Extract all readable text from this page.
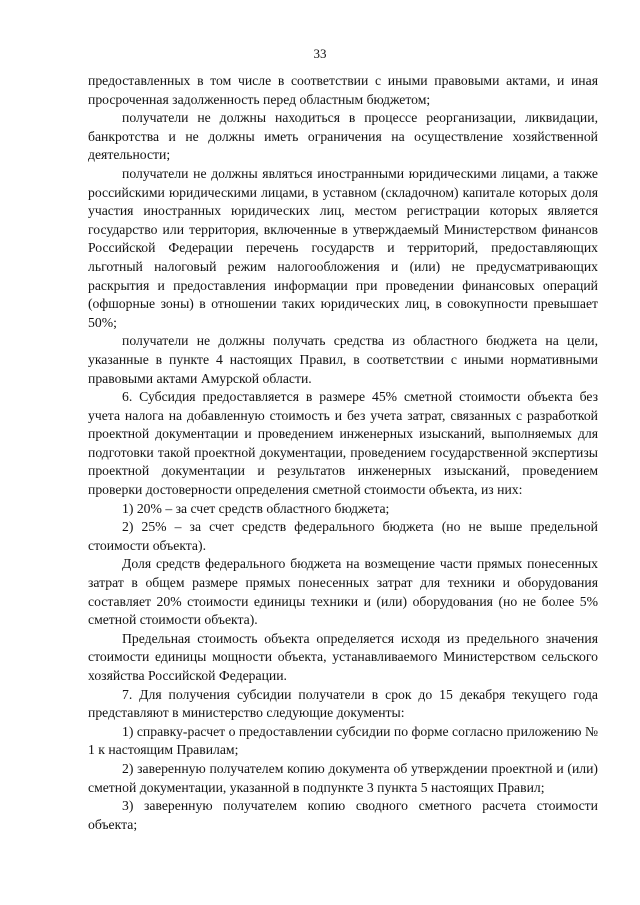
33

предоставленных в том числе в соответствии с иными правовыми актами, и иная просроченная задолженность перед областным бюджетом;

получатели не должны находиться в процессе реорганизации, ликвидации, банкротства и не должны иметь ограничения на осуществление хозяйственной деятельности;

получатели не должны являться иностранными юридическими лицами, а также российскими юридическими лицами, в уставном (складочном) капитале которых доля участия иностранных юридических лиц, местом регистрации которых является государство или территория, включенные в утверждаемый Министерством финансов Российской Федерации перечень государств и территорий, предоставляющих льготный налоговый режим налогообложения и (или) не предусматривающих раскрытия и предоставления информации при проведении финансовых операций (офшорные зоны) в отношении таких юридических лиц, в совокупности превышает 50%;

получатели не должны получать средства из областного бюджета на цели, указанные в пункте 4 настоящих Правил, в соответствии с иными нормативными правовыми актами Амурской области.

6. Субсидия предоставляется в размере 45% сметной стоимости объекта без учета налога на добавленную стоимость и без учета затрат, связанных с разработкой проектной документации и проведением инженерных изысканий, выполняемых для подготовки такой проектной документации, проведением государственной экспертизы проектной документации и результатов инженерных изысканий, проведением проверки достоверности определения сметной стоимости объекта, из них:

1) 20% – за счет средств областного бюджета;

2) 25% – за счет средств федерального бюджета (но не выше предельной стоимости объекта).

Доля средств федерального бюджета на возмещение части прямых понесенных затрат в общем размере прямых понесенных затрат для техники и оборудования составляет 20% стоимости единицы техники и (или) оборудования (но не более 5% сметной стоимости объекта).

Предельная стоимость объекта определяется исходя из предельного значения стоимости единицы мощности объекта, устанавливаемого Министерством сельского хозяйства Российской Федерации.

7. Для получения субсидии получатели в срок до 15 декабря текущего года представляют в министерство следующие документы:

1) справку-расчет о предоставлении субсидии по форме согласно приложению № 1 к настоящим Правилам;

2) заверенную получателем копию документа об утверждении проектной и (или) сметной документации, указанной в подпункте 3 пункта 5 настоящих Правил;

3) заверенную получателем копию сводного сметного расчета стоимости объекта;
